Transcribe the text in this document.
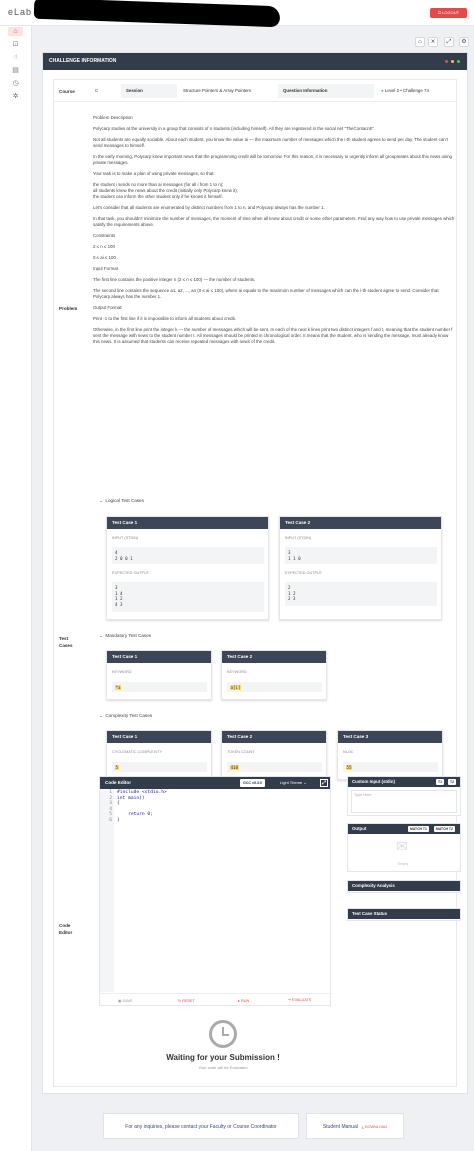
eLab	⏻ LOGOUT
⌂
⊡
☝
▤
◷
✲
⌂	⨯	⤢	⚙
CHALLENGE INFORMATION
Course	C	Session	Structure Pointers & Array Pointers	Question Information	● Level 2 • Challenge 74
Problem

Problem Description

Polycarp studies at the university in a group that consists of n students (including himself). All they are registered in the social net "TheContacnt!".

Not all students are equally sociable. About each student, you know the value ai — the maximum number of messages which the i-th student agrees to send per day. The student can't send messages to himself.

In the early morning, Polycarp knew important news that the programming credit will be tomorrow. For this reason, it is necessary to urgently inform all groupmates about this news using private messages.

Your task is to make a plan of using private messages, so that:

the student i sends no more than ai messages (for all i from 1 to n);
all students knew the news about the credit (initially only Polycarp knew it);
the student can inform the other student only if he knows it himself.

Let's consider that all students are enumerated by distinct numbers from 1 to n, and Polycarp always has the number 1.

In that task, you shouldn't minimize the number of messages, the moment of time when all knew about credit or some other parameters. Find any way how to use private messages which satisfy the requirements above.

Constraints

2 ≤ n ≤ 100

0 ≤ ai ≤ 100

Input Format

The first line contains the positive integer n (2 ≤ n ≤ 100) — the number of students.

The second line contains the sequence a1, a2, ..., an (0 ≤ ai ≤ 100), where ai equals to the maximum number of messages which can the i-th student agree to send. Consider that Polycarp always has the number 1.

Output Format:

Print -1 to the first line if it is impossible to inform all students about credit.

Otherwise, in the first line print the integer k — the number of messages which will be sent. In each of the next k lines print two distinct integers f and t, meaning that the student number f sent the message with news to the student number t. All messages should be printed in chronological order. It means that the student, who is sending the message, must already know this news. It is assumed that students can receive repeated messages with news of the credit.

Test Cases
⌄ Logical Test Cases
Test Case 1
INPUT (STDIN)
4
2 0 0 1
EXPECTED OUTPUT
3
1 4
1 2
4 3
Test Case 2
INPUT (STDIN)
3
1 1 0
EXPECTED OUTPUT
2
1 2
2 3
⌄ Mandatory Test Cases
Test Case 1
KEYWORD
*a
Test Case 2
KEYWORD
a[i]
⌄ Complexity Test Cases
Test Case 1
CYCLOMATIC COMPLEXITY
5
Test Case 2
TOKEN COUNT
410
Test Case 3
NLOC
55
Code Editor
Code Editor	GCC v9.3.0	Light Theme ⌄	⤢
1
2
3
4
5
6
#include <stdio.h>
int main()
{

return 0;
}
▣ SAVE	↻ RESET	▸ RUN	⤳ EVALUATE
Custom Input (stdin)	T1	T2
Type Here
Output	MATCH T1	MATCH T2
✉
Empty
Complexity Analysis
Test Case Status
Waiting for your Submission !
Your code will be Evaluated
For any inquiries, please contact your Faculty or Course Coordinator	Student Manual ⤓ DOWNLOAD
